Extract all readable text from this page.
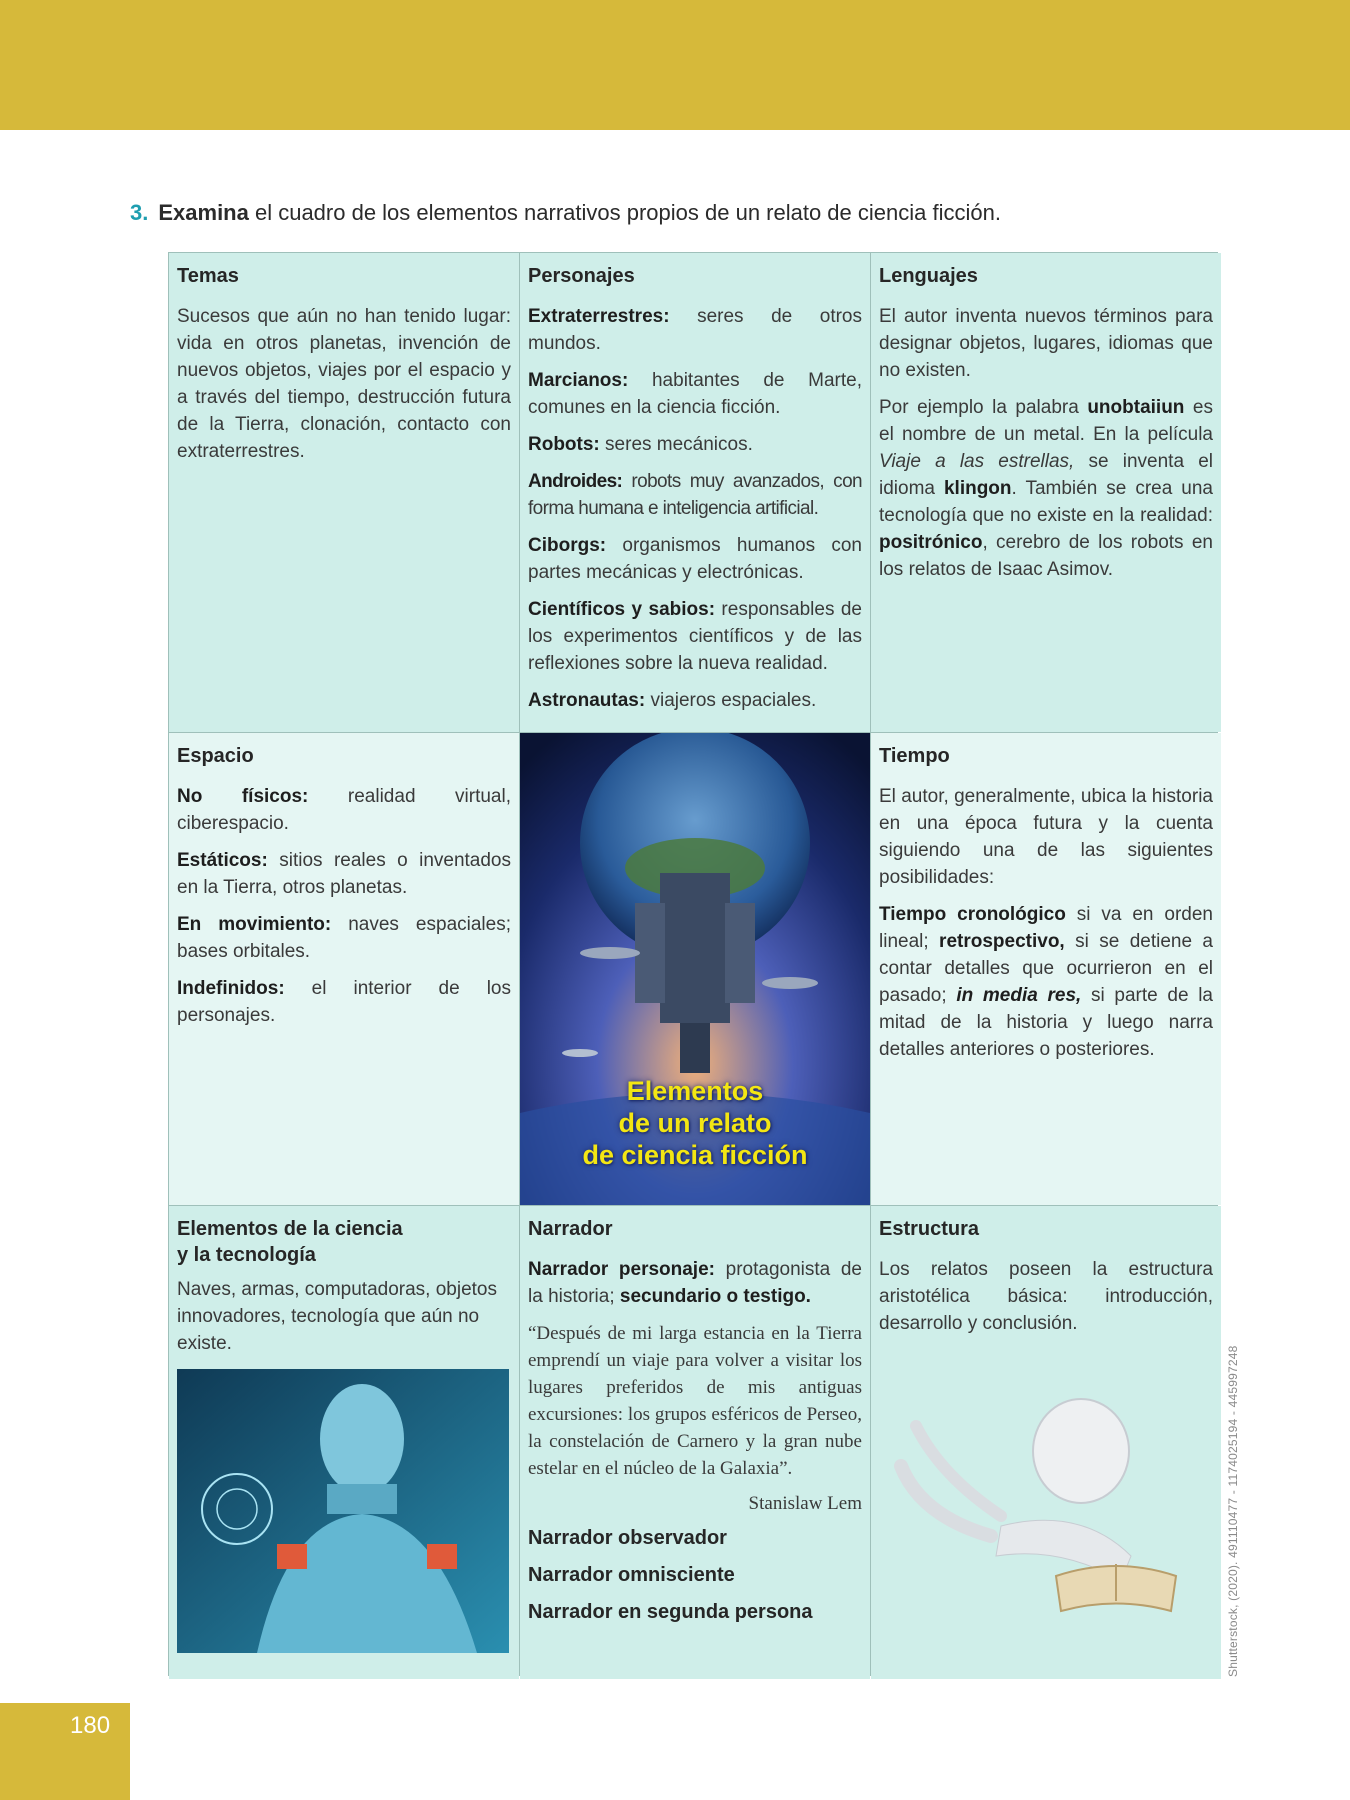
3. Examina el cuadro de los elementos narrativos propios de un relato de ciencia ficción.
Temas

Sucesos que aún no han tenido lugar: vida en otros planetas, invención de nuevos objetos, viajes por el espacio y a través del tiempo, destrucción futura de la Tierra, clonación, contacto con extraterrestres.

Personajes

Extraterrestres: seres de otros mundos.

Marcianos: habitantes de Marte, comunes en la ciencia ficción.

Robots: seres mecánicos.

Androides: robots muy avanzados, con forma humana e inteligencia artificial.

Ciborgs: organismos humanos con partes mecánicas y electrónicas.

Científicos y sabios: responsables de los experimentos científicos y de las reflexiones sobre la nueva realidad.

Astronautas: viajeros espaciales.

Lenguajes

El autor inventa nuevos términos para designar objetos, lugares, idiomas que no existen.

Por ejemplo la palabra unobtaiiun es el nombre de un metal. En la película Viaje a las estrellas, se inventa el idioma klingon. También se crea una tecnología que no existe en la realidad: positrónico, cerebro de los robots en los relatos de Isaac Asimov.

Espacio

No físicos: realidad virtual, ciberespacio.

Estáticos: sitios reales o inventados en la Tierra, otros planetas.

En movimiento: naves espaciales; bases orbitales.

Indefinidos: el interior de los personajes.

Elementos
de un relato
de ciencia ficción
Tiempo

El autor, generalmente, ubica la historia en una época futura y la cuenta siguiendo una de las siguientes posibilidades:

Tiempo cronológico si va en orden lineal; retrospectivo, si se detiene a contar detalles que ocurrieron en el pasado; in media res, si parte de la mitad de la historia y luego narra detalles anteriores o posteriores.

Elementos de la ciencia
y la tecnología

Naves, armas, computadoras, objetos innovadores, tecnología que aún no existe.

Narrador

Narrador personaje: protagonista de la historia; secundario o testigo.

“Después de mi larga estancia en la Tierra emprendí un viaje para volver a visitar los lugares preferidos de mis antiguas excursiones: los grupos esféricos de Perseo, la constelación de Carnero y la gran nube estelar en el núcleo de la Galaxia”.

Stanislaw Lem

Narrador observador
Narrador omnisciente
Narrador en segunda persona
Estructura

Los relatos poseen la estructura aristotélica básica: introducción, desarrollo y conclusión.

Shutterstock, (2020). 491110477 - 1174025194 - 445997248
180
